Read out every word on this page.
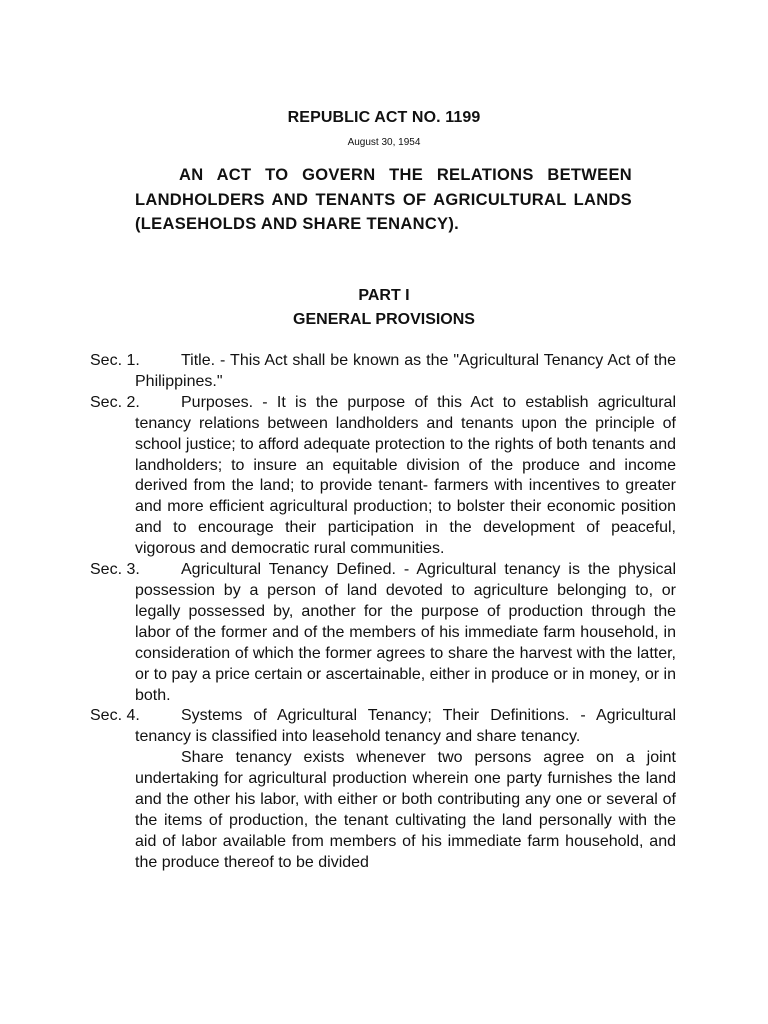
REPUBLIC ACT NO. 1199
August 30, 1954

AN ACT TO GOVERN THE RELATIONS BETWEEN LANDHOLDERS AND TENANTS OF AGRICULTURAL LANDS (LEASEHOLDS AND SHARE TENANCY).

PART I
GENERAL PROVISIONS
Sec. 1.	Title. - This Act shall be known as the "Agricultural Tenancy Act of the Philippines."
Sec. 2.	Purposes. - It is the purpose of this Act to establish agricultural tenancy relations between landholders and tenants upon the principle of school justice; to afford adequate protection to the rights of both tenants and landholders; to insure an equitable division of the produce and income derived from the land; to provide tenant- farmers with incentives to greater and more efficient agricultural production; to bolster their economic position and to encourage their participation in the development of peaceful, vigorous and democratic rural communities.
Sec. 3.	Agricultural Tenancy Defined. - Agricultural tenancy is the physical possession by a person of land devoted to agriculture belonging to, or legally possessed by, another for the purpose of production through the labor of the former and of the members of his immediate farm household, in consideration of which the former agrees to share the harvest with the latter, or to pay a price certain or ascertainable, either in produce or in money, or in both.
Sec. 4.	Systems of Agricultural Tenancy; Their Definitions. - Agricultural tenancy is classified into leasehold tenancy and share tenancy.
Share tenancy exists whenever two persons agree on a joint undertaking for agricultural production wherein one party furnishes the land and the other his labor, with either or both contributing any one or several of the items of production, the tenant cultivating the land personally with the aid of labor available from members of his immediate farm household, and the produce thereof to be divided
